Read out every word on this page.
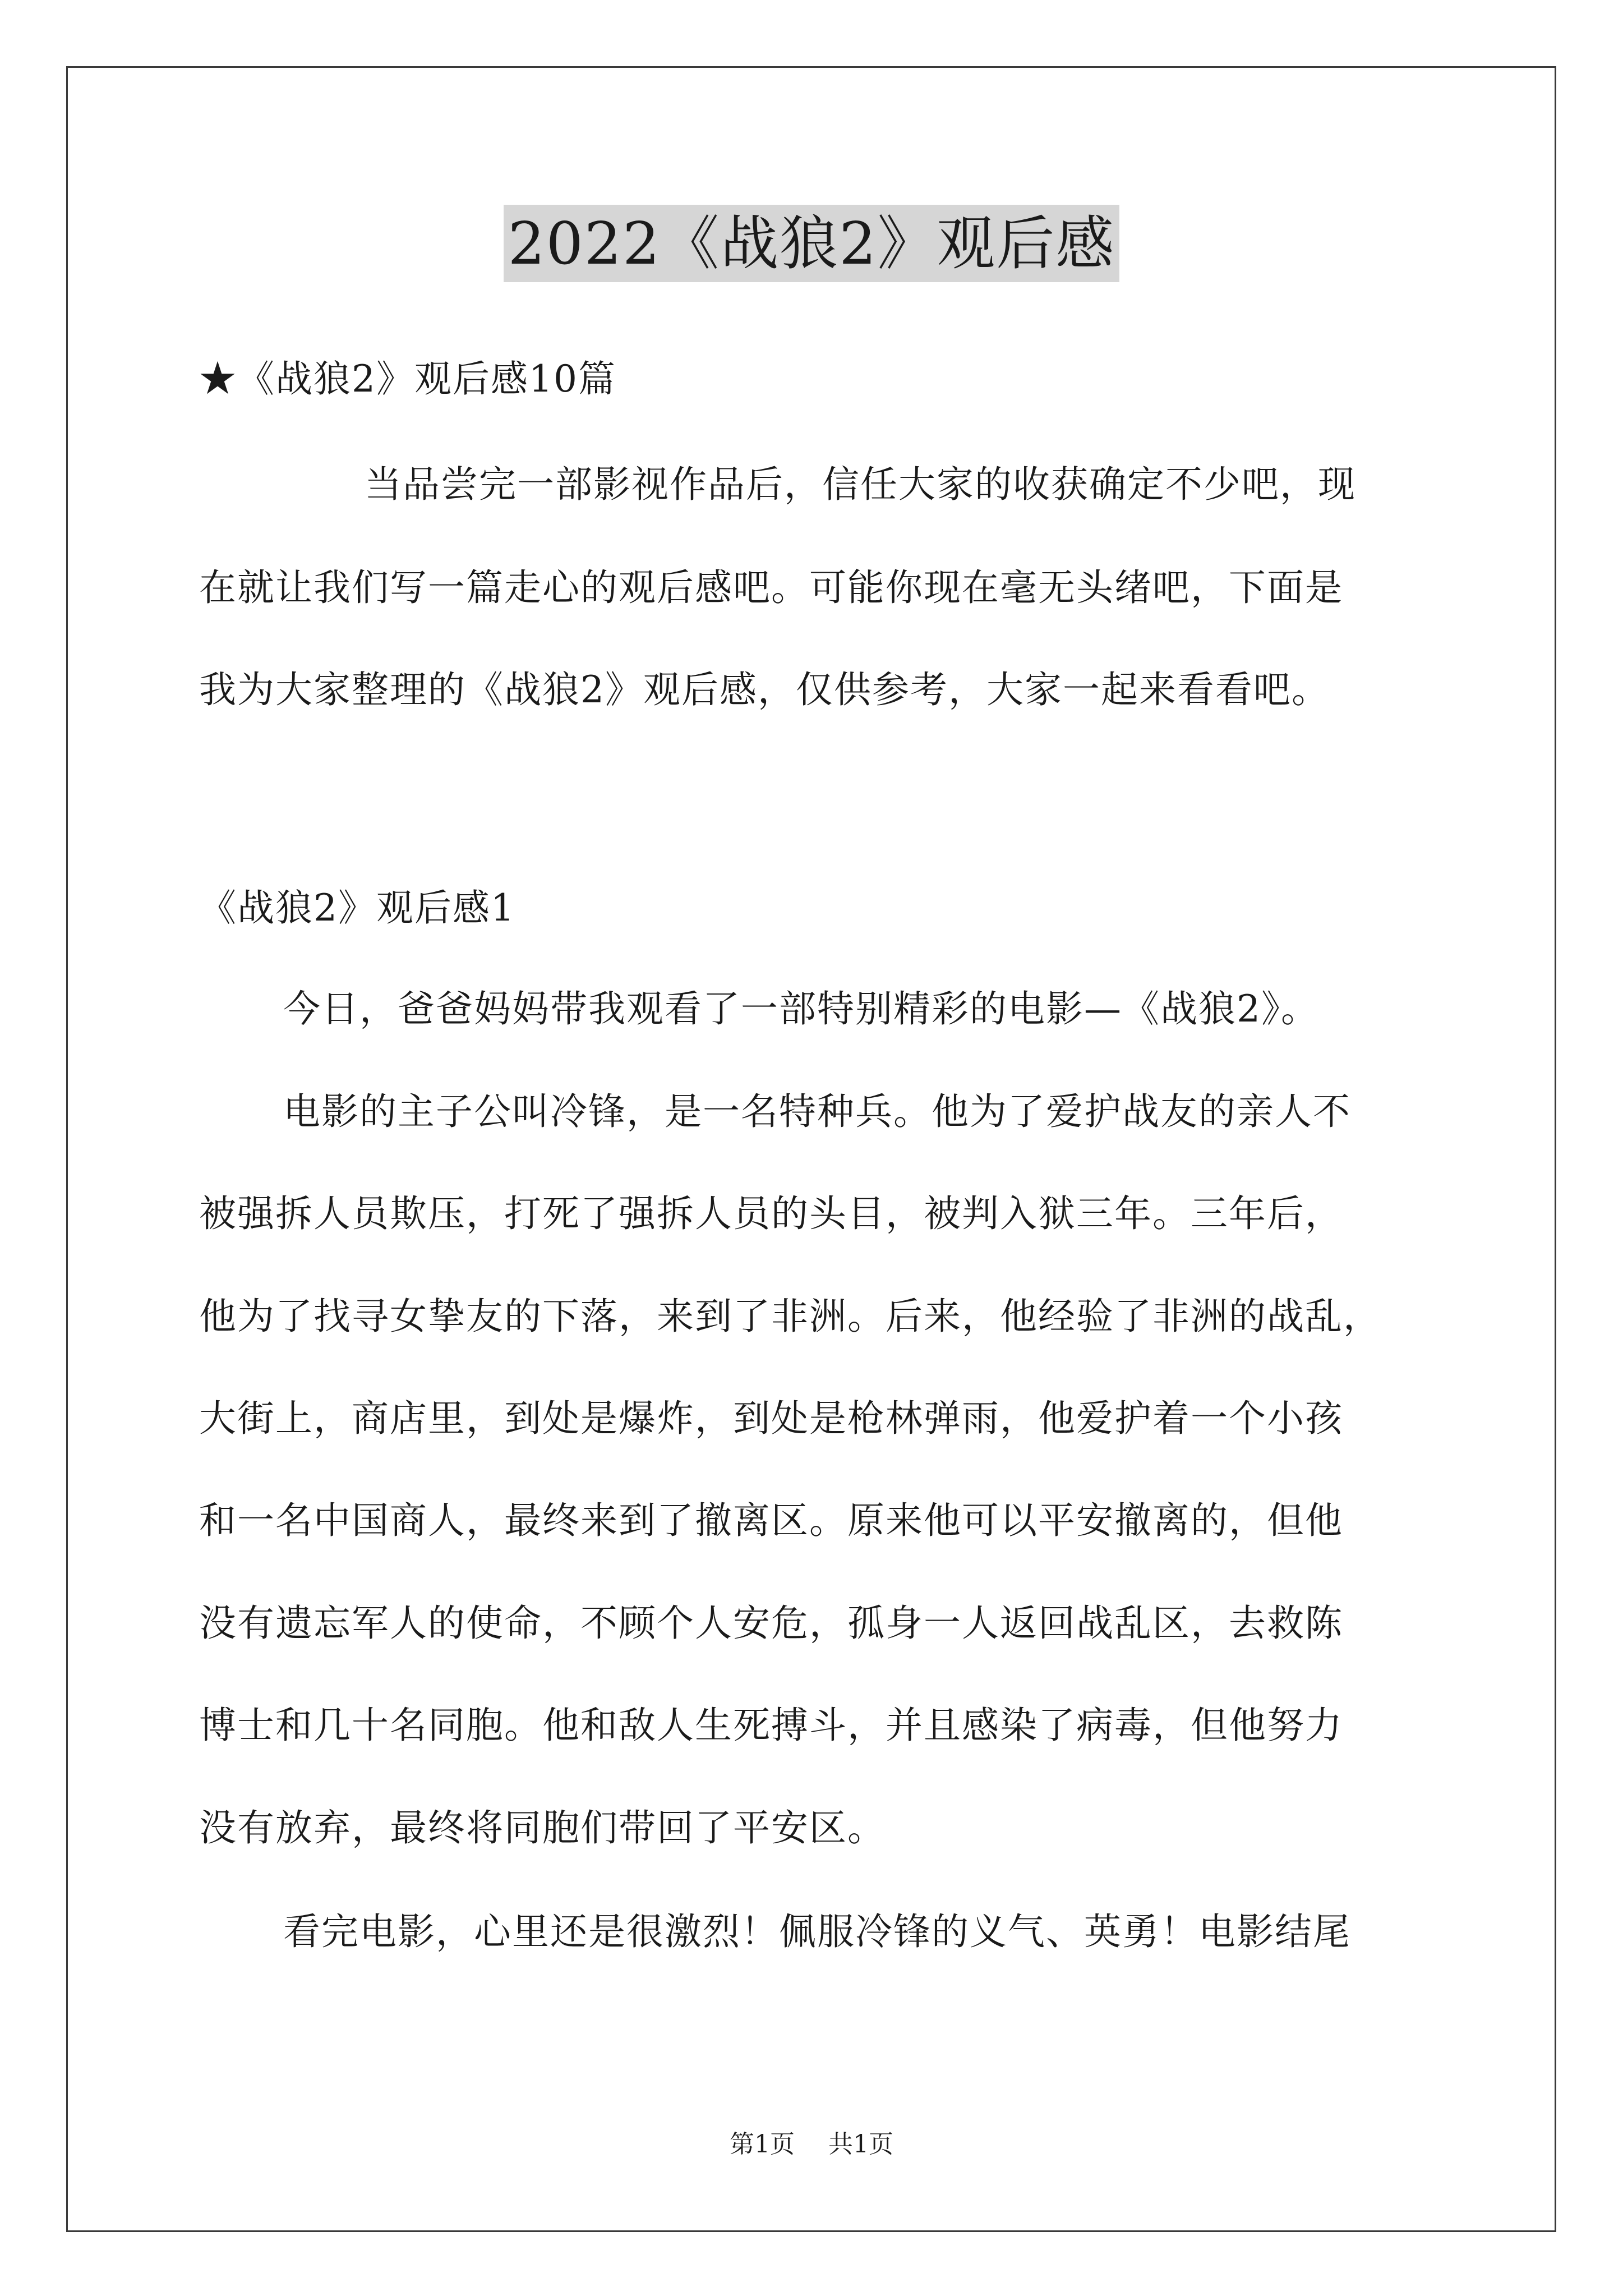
2022《战狼2》观后感
★《战狼2》观后感10篇
当品尝完一部影视作品后，信任大家的收获确定不少吧，现
在就让我们写一篇走心的观后感吧。可能你现在毫无头绪吧，下面是
我为大家整理的《战狼2》观后感，仅供参考，大家一起来看看吧。
《战狼2》观后感1
今日，爸爸妈妈带我观看了一部特别精彩的电影—《战狼2》。
电影的主子公叫冷锋，是一名特种兵。他为了爱护战友的亲人不
被强拆人员欺压，打死了强拆人员的头目，被判入狱三年。三年后，
他为了找寻女挚友的下落，来到了非洲。后来，他经验了非洲的战乱，
大街上，商店里，到处是爆炸，到处是枪林弹雨，他爱护着一个小孩
和一名中国商人，最终来到了撤离区。原来他可以平安撤离的，但他
没有遗忘军人的使命，不顾个人安危，孤身一人返回战乱区，去救陈
博士和几十名同胞。他和敌人生死搏斗，并且感染了病毒，但他努力
没有放弃，最终将同胞们带回了平安区。
看完电影，心里还是很激烈！佩服冷锋的义气、英勇！电影结尾
第1页 共1页
